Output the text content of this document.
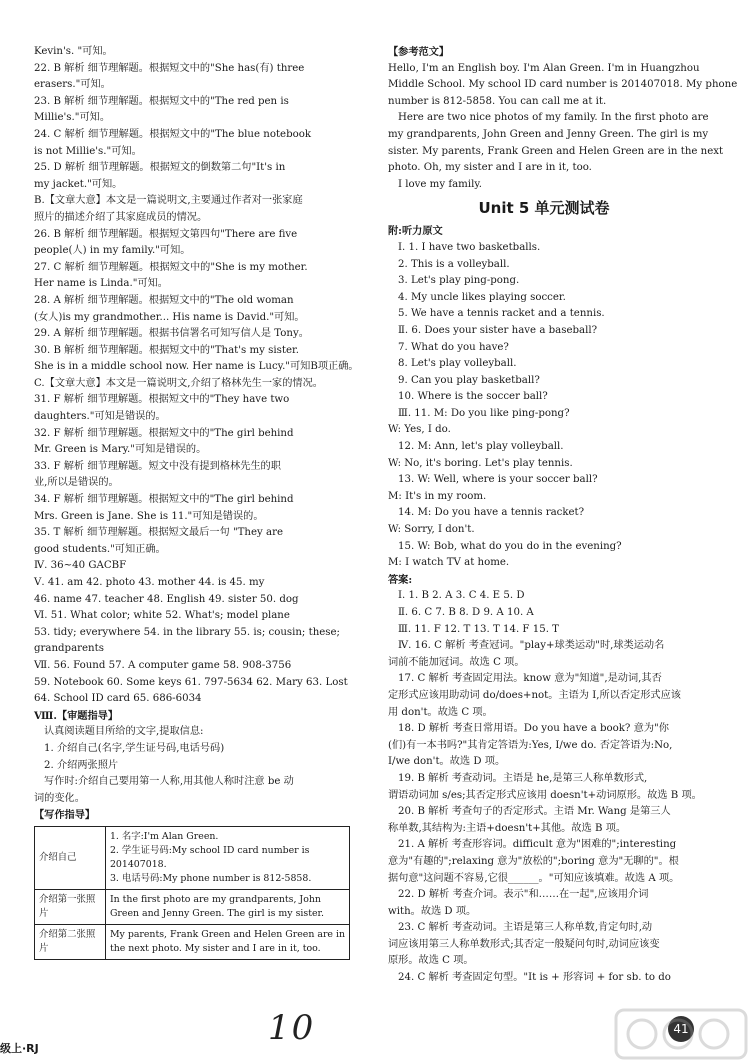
Kevin's. "可知。
22. B 解析 细节理解题。根据短文中的"She has(有) three
erasers."可知。
23. B 解析 细节理解题。根据短文中的"The red pen is
Millie's."可知。
24. C 解析 细节理解题。根据短文中的"The blue notebook
is not Millie's."可知。
25. D 解析 细节理解题。根据短文的倒数第二句"It's in
my jacket."可知。
B.【文章大意】本文是一篇说明文,主要通过作者对一张家庭
照片的描述介绍了其家庭成员的情况。
26. B 解析 细节理解题。根据短文第四句"There are five
people(人) in my family."可知。
27. C 解析 细节理解题。根据短文中的"She is my mother.
Her name is Linda."可知。
28. A 解析 细节理解题。根据短文中的"The old woman
(女人)is my grandmother... His name is David."可知。
29. A 解析 细节理解题。根据书信署名可知写信人是 Tony。
30. B 解析 细节理解题。根据短文中的"That's my sister.
She is in a middle school now. Her name is Lucy."可知B项正确。
C.【文章大意】本文是一篇说明文,介绍了格林先生一家的情况。
31. F 解析 细节理解题。根据短文中的"They have two
daughters."可知是错误的。
32. F 解析 细节理解题。根据短文中的"The girl behind
Mr. Green is Mary."可知是错误的。
33. F 解析 细节理解题。短文中没有提到格林先生的职
业,所以是错误的。
34. F 解析 细节理解题。根据短文中的"The girl behind
Mrs. Green is Jane. She is 11."可知是错误的。
35. T 解析 细节理解题。根据短文最后一句 "They are
good students."可知正确。
Ⅳ. 36~40 GACBF
Ⅴ. 41. am 42. photo 43. mother 44. is 45. my
46. name 47. teacher 48. English 49. sister 50. dog
Ⅵ. 51. What color; white 52. What's; model plane
53. tidy; everywhere 54. in the library 55. is; cousin; these;
grandparents
Ⅶ. 56. Found 57. A computer game 58. 908-3756
59. Notebook 60. Some keys 61. 797-5634 62. Mary 63. Lost
64. School ID card 65. 686-6034
Ⅷ.【审题指导】
认真阅读题目所给的文字,提取信息:
1. 介绍自己(名字,学生证号码,电话号码)
2. 介绍两张照片
写作时:介绍自己要用第一人称,用其他人称时注意 be 动
词的变化。
【写作指导】
介绍自己	1. 名字:I'm Alan Green.
2. 学生证号码:My school ID card number is
201407018.
3. 电话号码:My phone number is 812-5858.

介绍第一张照片	In the first photo are my grandparents, John
Green and Jenny Green. The girl is my sister.

介绍第二张照片	My parents, Frank Green and Helen Green are in
the next photo. My sister and I are in it, too.
【参考范文】
Hello, I'm an English boy. I'm Alan Green. I'm in Huangzhou
Middle School. My school ID card number is 201407018. My phone
number is 812-5858. You can call me at it.
Here are two nice photos of my family. In the first photo are
my grandparents, John Green and Jenny Green. The girl is my
sister. My parents, Frank Green and Helen Green are in the next
photo. Oh, my sister and I are in it, too.
I love my family.
Unit 5 单元测试卷
附:听力原文
Ⅰ. 1. I have two basketballs.
2. This is a volleyball.
3. Let's play ping-pong.
4. My uncle likes playing soccer.
5. We have a tennis racket and a tennis.
Ⅱ. 6. Does your sister have a baseball?
7. What do you have?
8. Let's play volleyball.
9. Can you play basketball?
10. Where is the soccer ball?
Ⅲ. 11. M: Do you like ping-pong?
W: Yes, I do.
12. M: Ann, let's play volleyball.
W: No, it's boring. Let's play tennis.
13. W: Well, where is your soccer ball?
M: It's in my room.
14. M: Do you have a tennis racket?
W: Sorry, I don't.
15. W: Bob, what do you do in the evening?
M: I watch TV at home.
答案:
Ⅰ. 1. B 2. A 3. C 4. E 5. D
Ⅱ. 6. C 7. B 8. D 9. A 10. A
Ⅲ. 11. F 12. T 13. T 14. F 15. T
Ⅳ. 16. C 解析 考查冠词。"play+球类运动"时,球类运动名
词前不能加冠词。故选 C 项。
17. C 解析 考查固定用法。know 意为"知道",是动词,其否
定形式应该用助动词 do/does+not。主语为 I,所以否定形式应该
用 don't。故选 C 项。
18. D 解析 考查日常用语。Do you have a book? 意为"你
(们)有一本书吗?"其肯定答语为:Yes, I/we do. 否定答语为:No,
I/we don't。故选 D 项。
19. B 解析 考查动词。主语是 he,是第三人称单数形式,
谓语动词加 s/es;其否定形式应该用 doesn't+动词原形。故选 B 项。
20. B 解析 考查句子的否定形式。主语 Mr. Wang 是第三人
称单数,其结构为:主语+doesn't+其他。故选 B 项。
21. A 解析 考查形容词。difficult 意为"困难的";interesting
意为"有趣的";relaxing 意为"放松的";boring 意为"无聊的"。根
据句意"这问题不容易,它很______。"可知应该填难。故选 A 项。
22. D 解析 考查介词。表示"和……在一起",应该用介词
with。故选 D 项。
23. C 解析 考查动词。主语是第三人称单数,肯定句时,动
词应该用第三人称单数形式;其否定一般疑问句时,动词应该变
原形。故选 C 项。
24. C 解析 考查固定句型。"It is + 形容词 + for sb. to do
级上·RJ
10	41
